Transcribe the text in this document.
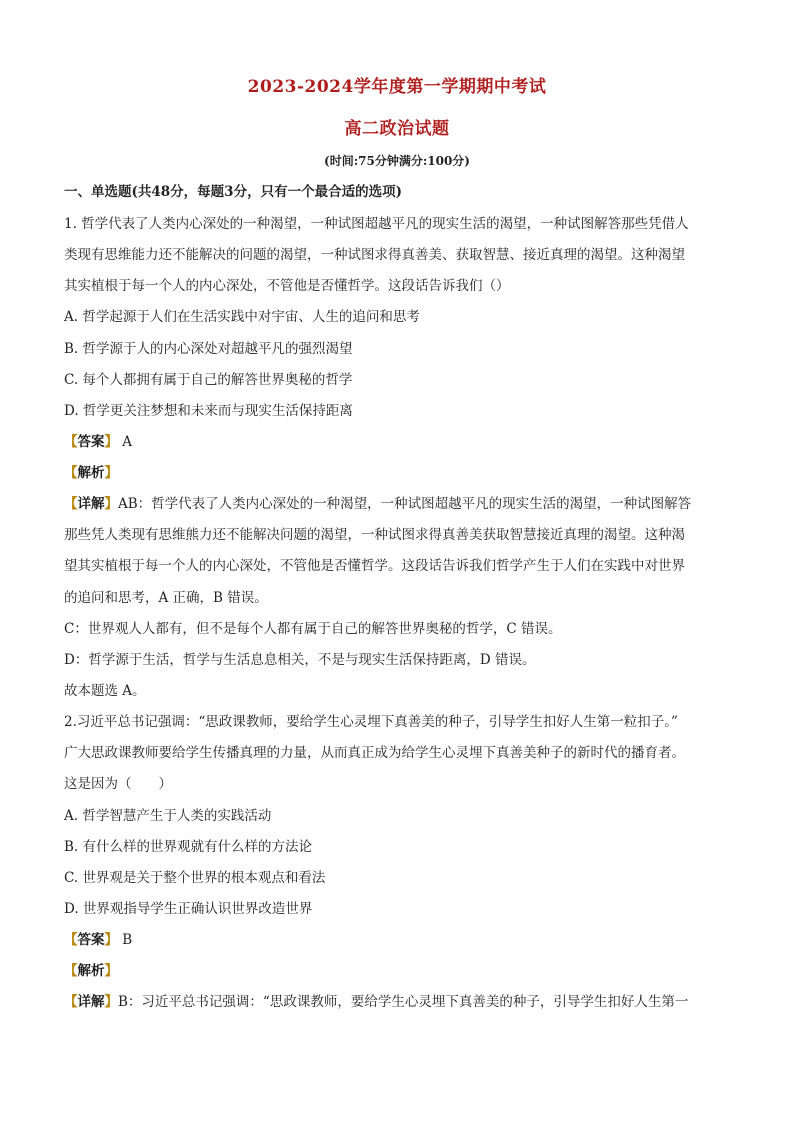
2023-2024学年度第一学期期中考试
高二政治试题
(时间:75分钟满分:100分)
一、单选题(共48分，每题3分，只有一个最合适的选项)
1. 哲学代表了人类内心深处的一种渴望，一种试图超越平凡的现实生活的渴望，一种试图解答那些凭借人
类现有思维能力还不能解决的问题的渴望，一种试图求得真善美、获取智慧、接近真理的渴望。这种渴望
其实植根于每一个人的内心深处，不管他是否懂哲学。这段话告诉我们（）
A. 哲学起源于人们在生活实践中对宇宙、人生的追问和思考
B. 哲学源于人的内心深处对超越平凡的强烈渴望
C. 每个人都拥有属于自己的解答世界奥秘的哲学
D. 哲学更关注梦想和未来而与现实生活保持距离
【答案】 A
【解析】
【详解】AB：哲学代表了人类内心深处的一种渴望，一种试图超越平凡的现实生活的渴望，一种试图解答
那些凭人类现有思维熊力还不能解决问题的渴望，一种试图求得真善美获取智慧接近真理的渴望。这种渴
望其实植根于每一个人的内心深处，不管他是否懂哲学。这段话告诉我们哲学产生于人们在实践中对世界
的追问和思考，A 正确，B 错误。
C：世界观人人都有，但不是每个人都有属于自己的解答世界奥秘的哲学，C 错误。
D：哲学源于生活，哲学与生活息息相关，不是与现实生活保持距离，D 错误。
故本题选 A。
2.习近平总书记强调：“思政课教师，要给学生心灵埋下真善美的种子，引导学生扣好人生第一粒扣子。”
广大思政课教师要给学生传播真理的力量，从而真正成为给学生心灵埋下真善美种子的新时代的播育者。
这是因为（　　）
A. 哲学智慧产生于人类的实践活动
B. 有什么样的世界观就有什么样的方法论
C. 世界观是关于整个世界的根本观点和看法
D. 世界观指导学生正确认识世界改造世界
【答案】 B
【解析】
【详解】B：习近平总书记强调：“思政课教师，要给学生心灵埋下真善美的种子，引导学生扣好人生第一
